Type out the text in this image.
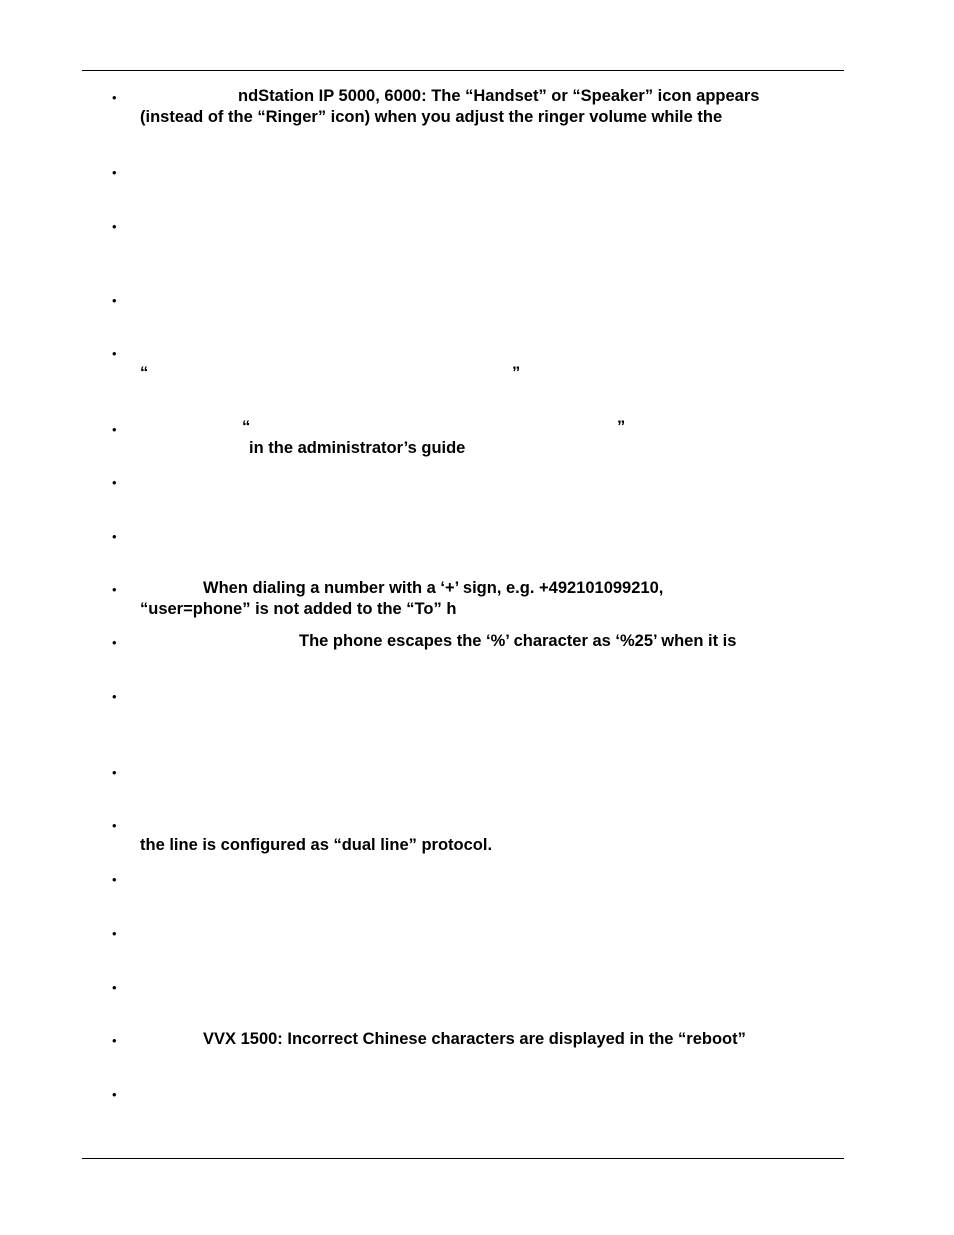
•	ndStation IP 5000, 6000: The “Handset” or “Speaker” icon appears
(instead of the “Ringer” icon) when you adjust the ringer volume while the
•
•
•
•
“	”
•	“	”
in the administrator’s guide
•
•
•	When dialing a number with a ‘+’ sign, e.g. +492101099210,
“user=phone” is not added to the “To” h
•	The phone escapes the ‘%’ character as ‘%25’ when it is
•
•
•
the line is configured as “dual line” protocol.
•
•
•
•	VVX 1500: Incorrect Chinese characters are displayed in the “reboot”
•
